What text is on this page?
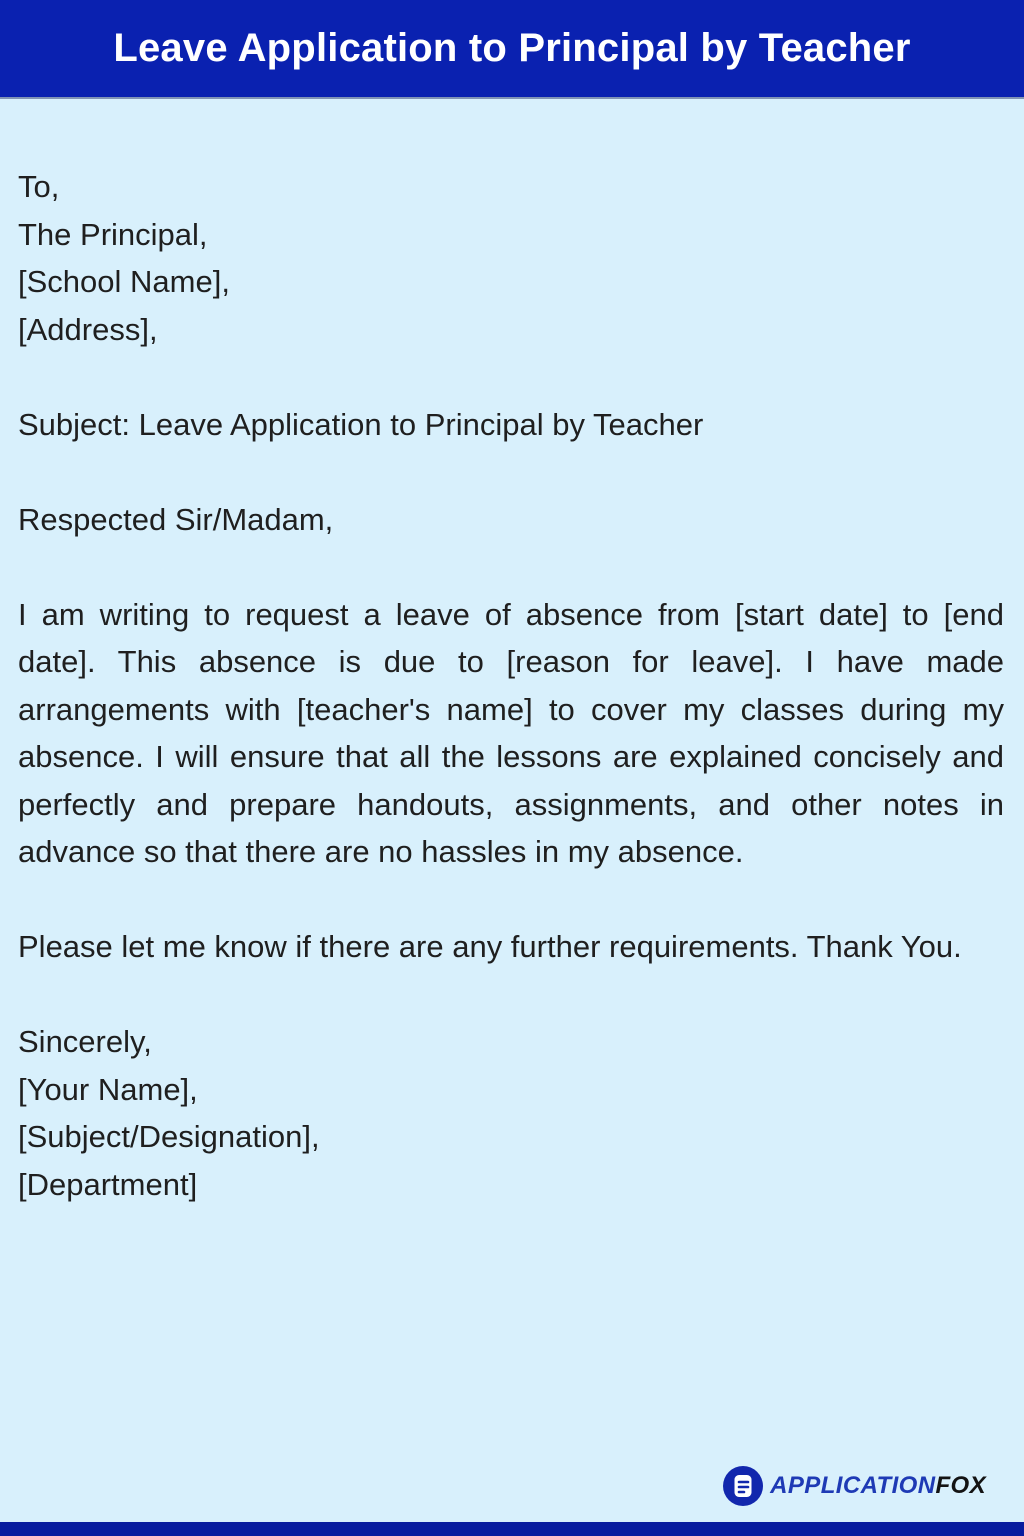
Leave Application to Principal by Teacher
To,
The Principal,
[School Name],
[Address],
Subject: Leave Application to Principal by Teacher
Respected Sir/Madam,

I am writing to request a leave of absence from [start date] to [end date]. This absence is due to [reason for leave]. I have made arrangements with [teacher's name] to cover my classes during my absence. I will ensure that all the lessons are explained concisely and perfectly and prepare handouts, assignments, and other notes in advance so that there are no hassles in my absence.

Please let me know if there are any further requirements. Thank You.

Sincerely,
[Your Name],
[Subject/Designation],
[Department]
APPLICATIONFOX
